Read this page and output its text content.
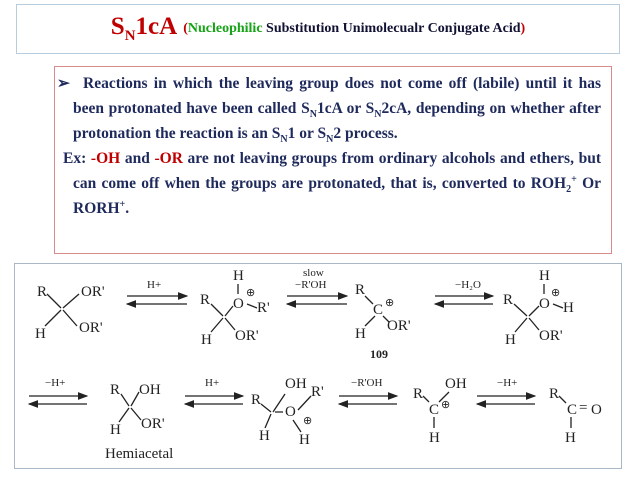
$S_N1cA$ (Nucleophilic Substitution Unimolecualr Conjugate Acid)
➢ Reactions in which the leaving group does not come off (labile) until it has been protonated have been called $S_N1cA$ or $S_N2cA$, depending on whether after protonation the reaction is an $S_N1$ or $S_N2$ process.
Ex: -OH and -OR are not leaving groups from ordinary alcohols and ethers, but can come off when the groups are protonated, that is, converted to $ROH_2^+$ Or RORH+.
R OR'
H OR'
H+
H
R O
⊕
R'
H OR'
slow
−R'OH R
C ⊕
H OR'
109
−H₂O
H
R O
⊕
H
H OR'
−H+	R OH
H OR'
Hemiacetal
H+	OH
R	R'
O
⊕
H H
−R'OH
R
OH
C ⊕
H
−H+
R
C = O
H
